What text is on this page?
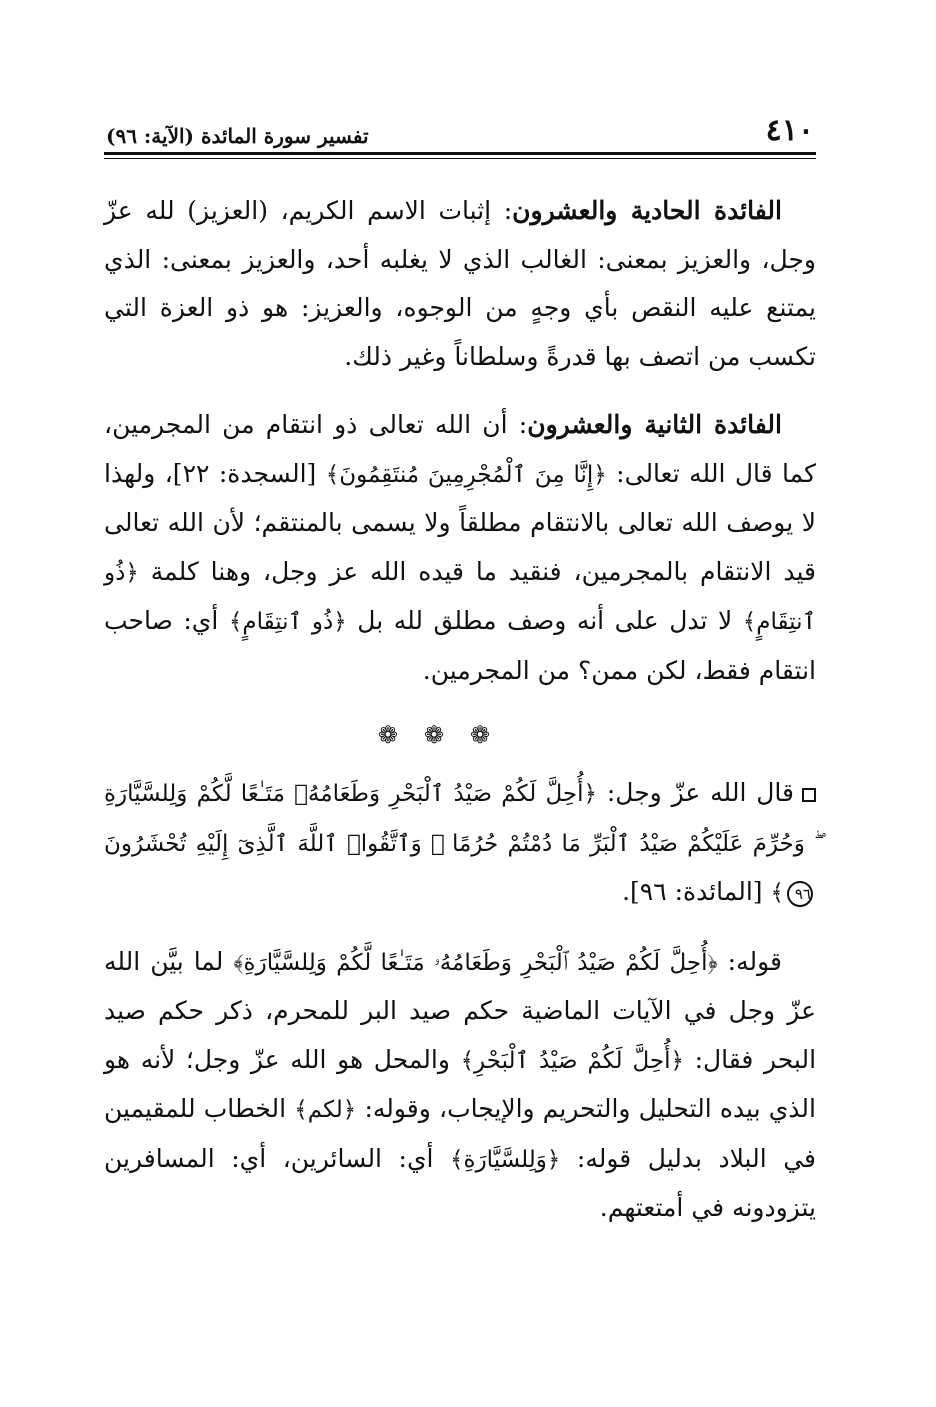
٤١٠
تفسير سورة المائدة (الآية: ٩٦)

الفائدة الحادية والعشرون: إثبات الاسم الكريم، (العزيز) لله عزّ وجل، والعزيز بمعنى: الغالب الذي لا يغلبه أحد، والعزيز بمعنى: الذي يمتنع عليه النقص بأي وجهٍ من الوجوه، والعزيز: هو ذو العزة التي تكسب من اتصف بها قدرةً وسلطاناً وغير ذلك.

الفائدة الثانية والعشرون: أن الله تعالى ذو انتقام من المجرمين، كما قال الله تعالى: ﴿إِنَّا مِنَ ٱلْمُجْرِمِينَ مُنتَقِمُونَ﴾ [السجدة: ٢٢]، ولهذا لا يوصف الله تعالى بالانتقام مطلقاً ولا يسمى بالمنتقم؛ لأن الله تعالى قيد الانتقام بالمجرمين، فنقيد ما قيده الله عز وجل، وهنا كلمة ﴿ذُو ٱنتِقَامٍ﴾ لا تدل على أنه وصف مطلق لله بل ﴿ذُو ٱنتِقَامٍ﴾ أي: صاحب انتقام فقط، لكن ممن؟ من المجرمين.

❁❁❁

قال الله عزّ وجل: ﴿أُحِلَّ لَكُمْ صَيْدُ ٱلْبَحْرِ وَطَعَامُهُۥ مَتَـٰعًا لَّكُمْ وَلِلسَّيَّارَةِ ۖ وَحُرِّمَ عَلَيْكُمْ صَيْدُ ٱلْبَرِّ مَا دُمْتُمْ حُرُمًا ۗ وَٱتَّقُوا۟ ٱللَّهَ ٱلَّذِىٓ إِلَيْهِ تُحْشَرُونَ٩٦﴾ [المائدة: ٩٦].

قوله: ﴿أُحِلَّ لَكُمْ صَيْدُ ٱلْبَحْرِ وَطَعَامُهُۥ مَتَـٰعًا لَّكُمْ وَلِلسَّيَّارَةِ﴾ لما بيَّن الله عزّ وجل في الآيات الماضية حكم صيد البر للمحرم، ذكر حكم صيد البحر فقال: ﴿أُحِلَّ لَكُمْ صَيْدُ ٱلْبَحْرِ﴾ والمحل هو الله عزّ وجل؛ لأنه هو الذي بيده التحليل والتحريم والإيجاب، وقوله: ﴿لكم﴾ الخطاب للمقيمين في البلاد بدليل قوله: ﴿وَلِلسَّيَّارَةِ﴾ أي: السائرين، أي: المسافرين يتزودونه في أمتعتهم.
